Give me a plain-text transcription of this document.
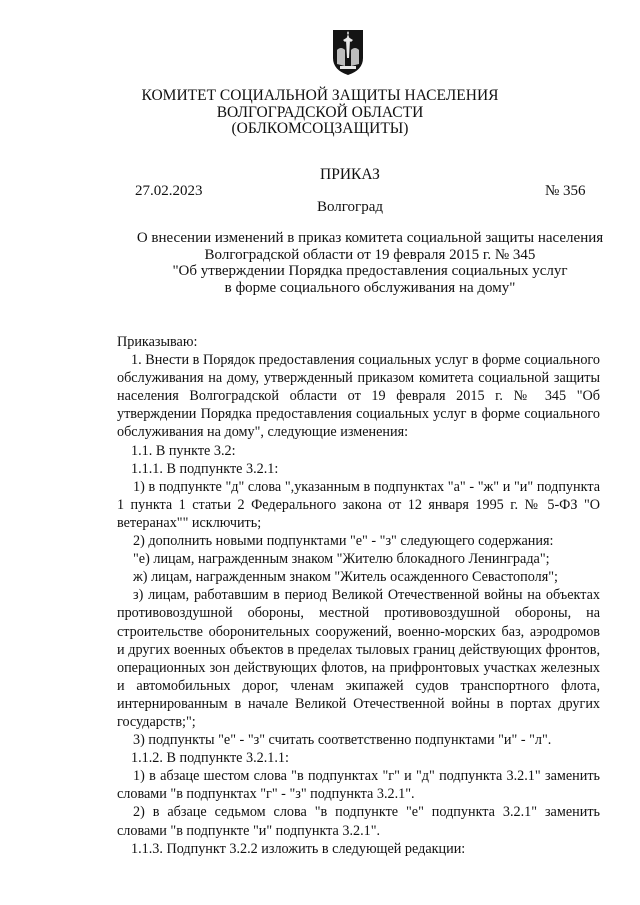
КОМИТЕТ СОЦИАЛЬНОЙ ЗАЩИТЫ НАСЕЛЕНИЯ
ВОЛГОГРАДСКОЙ ОБЛАСТИ
(ОБЛКОМСОЦЗАЩИТЫ)
ПРИКАЗ
27.02.2023	№ 356
Волгоград
О внесении изменений в приказ комитета социальной защиты населения
Волгоградской области от 19 февраля 2015 г. № 345
"Об утверждении Порядка предоставления социальных услуг
в форме социального обслуживания на дому"

Приказываю:

1. Внести в Порядок предоставления социальных услуг в форме социального обслуживания на дому, утвержденный приказом комитета социальной защиты населения Волгоградской области от 19 февраля 2015 г. № 345 "Об утверждении Порядка предоставления социальных услуг в форме социального обслуживания на дому", следующие изменения:

1.1. В пункте 3.2:

1.1.1. В подпункте 3.2.1:

1) в подпункте "д" слова ",указанным в подпунктах "а" - "ж" и "и" подпункта 1 пункта 1 статьи 2 Федерального закона от 12 января 1995 г. № 5-ФЗ "О ветеранах"" исключить;

2) дополнить новыми подпунктами "е" - "з" следующего содержания:

"е) лицам, награжденным знаком "Жителю блокадного Ленинграда";

ж) лицам, награжденным знаком "Житель осажденного Севастополя";

з) лицам, работавшим в период Великой Отечественной войны на объектах противовоздушной обороны, местной противовоздушной обороны, на строительстве оборонительных сооружений, военно-морских баз, аэродромов и других военных объектов в пределах тыловых границ действующих фронтов, операционных зон действующих флотов, на прифронтовых участках железных и автомобильных дорог, членам экипажей судов транспортного флота, интернированным в начале Великой Отечественной войны в портах других государств;";

3) подпункты "е" - "з" считать соответственно подпунктами "и" - "л".

1.1.2. В подпункте 3.2.1.1:

1) в абзаце шестом слова "в подпунктах "г" и "д" подпункта 3.2.1" заменить словами "в подпунктах "г" - "з" подпункта 3.2.1".

2) в абзаце седьмом слова "в подпункте "е" подпункта 3.2.1" заменить словами "в подпункте "и" подпункта 3.2.1".

1.1.3. Подпункт 3.2.2 изложить в следующей редакции:
